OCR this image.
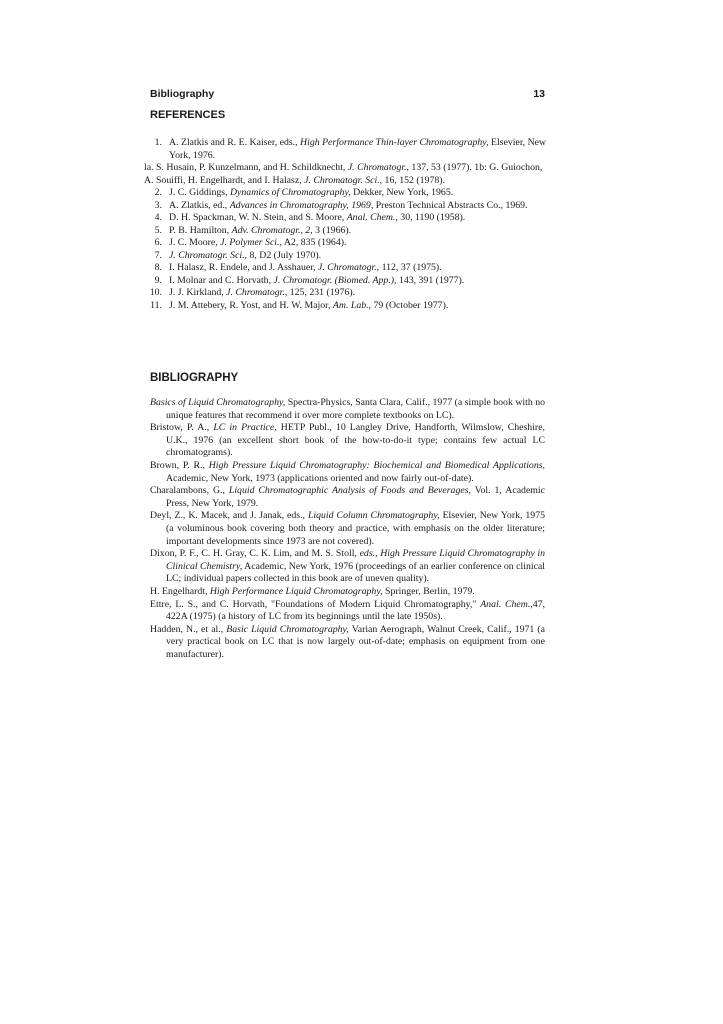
Bibliography	13
REFERENCES
1. A. Zlatkis and R. E. Kaiser, eds., High Performance Thin-layer Chromatography, Elsevier, New York, 1976.
la. S. Husain, P. Kunzelmann, and H. Schildknecht, J. Chromatogr., 137, 53 (1977). 1b: G. Guiochon, A. Souiffi, H. Engelhardt, and I. Halasz, J. Chromatogr. Sci., 16, 152 (1978).
2. J. C. Giddings, Dynamics of Chromatography, Dekker, New York, 1965.
3. A. Zlatkis, ed., Advances in Chromatography, 1969, Preston Technical Abstracts Co., 1969.
4. D. H. Spackman, W. N. Stein, and S. Moore, Anal. Chem., 30, 1190 (1958).
5. P. B. Hamilton, Adv. Chromatogr., 2, 3 (1966).
6. J. C. Moore, J. Polymer Sci., A2, 835 (1964).
7. J. Chromatogr. Sci., 8, D2 (July 1970).
8. I. Halasz, R. Endele, and J. Asshauer, J. Chromatogr., 112, 37 (1975).
9. I. Molnar and C. Horvath, J. Chromatogr. (Biomed. App.), 143, 391 (1977).
10. J. J. Kirkland, J. Chromatogr., 125, 231 (1976).
11. J. M. Attebery, R. Yost, and H. W. Major, Am. Lab., 79 (October 1977).
BIBLIOGRAPHY
Basics of Liquid Chromatography, Spectra-Physics, Santa Clara, Calif., 1977 (a simple book with no unique features that recommend it over more complete textbooks on LC).
Bristow, P. A., LC in Practice, HETP Publ., 10 Langley Drive, Handforth, Wilmslow, Cheshire, U.K., 1976 (an excellent short book of the how-to-do-it type; contains few actual LC chromatograms).
Brown, P. R., High Pressure Liquid Chromatography: Biochemical and Biomedical Applications, Academic, New York, 1973 (applications oriented and now fairly out-of-date).
Charalambons, G., Liquid Chromatographic Analysis of Foods and Beverages, Vol. 1, Academic Press, New York, 1979.
Deyl, Z., K. Macek, and J. Janak, eds., Liquid Column Chromatography, Elsevier, New York, 1975 (a voluminous book covering both theory and practice, with emphasis on the older literature; important developments since 1973 are not covered).
Dixon, P. F., C. H. Gray, C. K. Lim, and M. S. Stoll, eds., High Pressure Liquid Chromatography in Clinical Chemistry, Academic, New York, 1976 (proceedings of an earlier conference on clinical LC; individual papers collected in this book are of uneven quality).
H. Engelhardt, High Performance Liquid Chromatography, Springer, Berlin, 1979.
Ettre, L. S., and C. Horvath, "Foundations of Modern Liquid Chromatography," Anal. Chem.,47, 422A (1975) (a history of LC from its beginnings until the late 1950s).
Hadden, N., et al., Basic Liquid Chromatography, Varian Aerograph, Walnut Creek, Calif., 1971 (a very practical book on LC that is now largely out-of-date; emphasis on equipment from one manufacturer).
